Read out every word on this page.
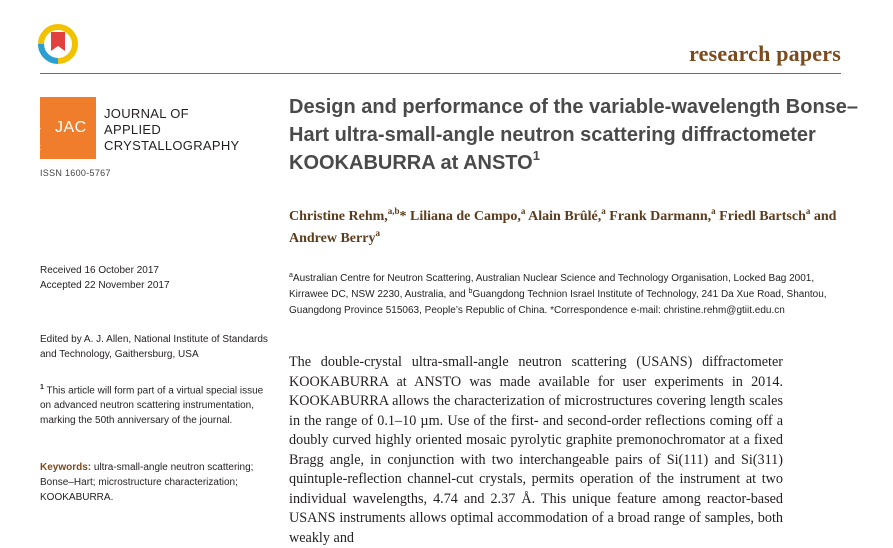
research papers
Appl Cryst JAC
JOURNAL OF
APPLIED
CRYSTALLOGRAPHY
ISSN 1600-5767
Received 16 October 2017
Accepted 22 November 2017
Edited by A. J. Allen, National Institute of Standards and Technology, Gaithersburg, USA
$^1$ This article will form part of a virtual special issue on advanced neutron scattering instrumentation, marking the 50th anniversary of the journal.
Keywords: ultra-small-angle neutron scattering; Bonse–Hart; microstructure characterization; KOOKABURRA.
Design and performance of the variable-wavelength Bonse–Hart ultra-small-angle neutron scattering diffractometer KOOKABURRA at ANSTO$^1$
Christine Rehm,$^{a,b}$* Liliana de Campo,$^a$ Alain Brûlé,$^a$ Frank Darmann,$^a$ Friedl Bartsch$^a$ and Andrew Berry$^a$
$^a$Australian Centre for Neutron Scattering, Australian Nuclear Science and Technology Organisation, Locked Bag 2001, Kirrawee DC, NSW 2230, Australia, and $^b$Guangdong Technion Israel Institute of Technology, 241 Da Xue Road, Shantou, Guangdong Province 515063, People’s Republic of China. *Correspondence e-mail: christine.rehm@gtiit.edu.cn
The double-crystal ultra-small-angle neutron scattering (USANS) diffractometer KOOKABURRA at ANSTO was made available for user experiments in 2014. KOOKABURRA allows the characterization of microstructures covering length scales in the range of 0.1–10 µm. Use of the first- and second-order reflections coming off a doubly curved highly oriented mosaic pyrolytic graphite premonochromator at a fixed Bragg angle, in conjunction with two interchangeable pairs of Si(111) and Si(311) quintuple-reflection channel-cut crystals, permits operation of the instrument at two individual wavelengths, 4.74 and 2.37 Å. This unique feature among reactor-based USANS instruments allows optimal accommodation of a broad range of samples, both weakly and
